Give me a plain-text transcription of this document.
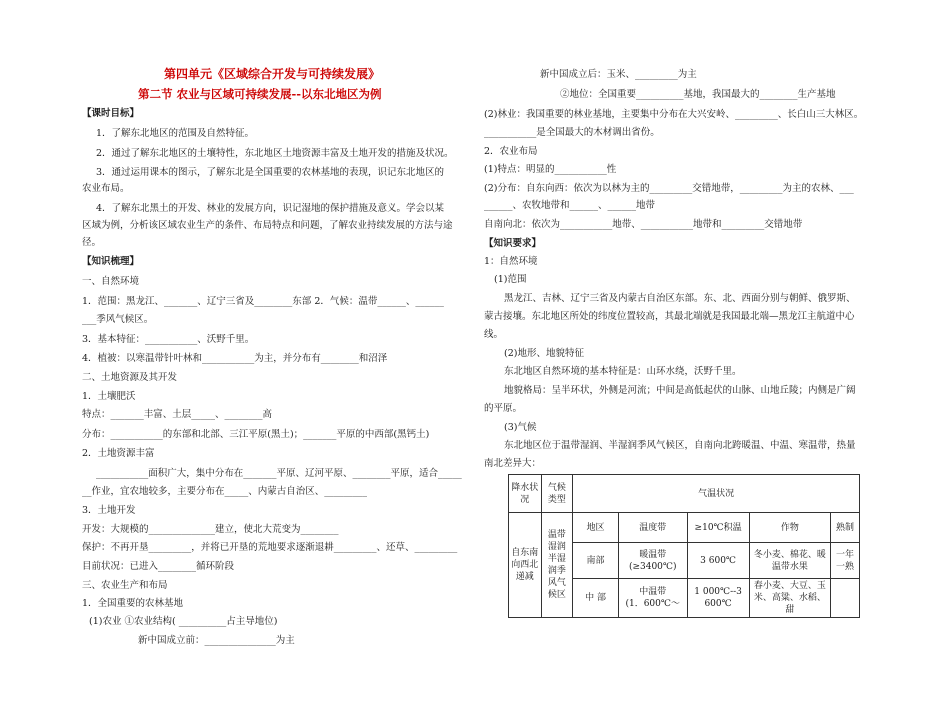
第四单元《区域综合开发与可持续发展》
第二节 农业与区域可持续发展--以东北地区为例
【课时目标】
1．了解东北地区的范围及自然特征。
2．通过了解东北地区的土壤特性，东北地区土地资源丰富及土地开发的措施及状况。
3．通过运用课本的图示，了解东北是全国重要的农林基地的表现，识记东北地区的
农业布局。
4．了解东北黑土的开发、林业的发展方向，识记湿地的保护措施及意义。学会以某
区域为例，分析该区域农业生产的条件、布局特点和问题，了解农业持续发展的方法与途
径。
【知识梳理】
一、自然环境
1．范围：黑龙江、_______、辽宁三省及________东部 2．气候：温带______、______
___季风气候区。
3．基本特征：___________、沃野千里。
4．植被：以寒温带针叶林和___________为主，并分布有________和沼泽
二、土地资源及其开发
1．土壤肥沃
特点：_______丰富、土层_____、________高
分布：___________的东部和北部、三江平原(黑土)；_______平原的中西部(黑钙土)
2．土地资源丰富
___________面积广大，集中分布在_______平原、辽河平原、________平原，适合_____
__作业，宜农地较多，主要分布在_____、内蒙古自治区、_________
3．土地开发
开发：大规模的______________建立，使北大荒变为________
保护：不再开垦_________，并将已开垦的荒地要求逐渐退耕_________、还草、_________
目前状况：已进入________循环阶段
三、农业生产和布局
1．全国重要的农林基地
(1)农业 ①农业结构( __________占主导地位)
新中国成立前：_______________为主
新中国成立后：玉米、_________为主
②地位：全国重要__________基地，我国最大的________生产基地
(2)林业：我国重要的林业基地，主要集中分布在大兴安岭、_________、长白山三大林区。
___________是全国最大的木材调出省份。
2．农业布局
(1)特点：明显的___________性
(2)分布：自东向西：依次为以林为主的_________交错地带，_________为主的农林、___
______、农牧地带和______、______地带
自南向北：依次为___________地带、___________地带和_________交错地带
【知识要求】
1：自然环境
(1)范围
黑龙江、吉林、辽宁三省及内蒙古自治区东部。东、北、西面分别与朝鲜、俄罗斯、
蒙古接壤。东北地区所处的纬度位置较高，其最北端就是我国最北端—黑龙江主航道中心
线。
(2)地形、地貌特征
东北地区自然环境的基本特征是：山环水绕，沃野千里。
地貌格局：呈半环状，外侧是河流；中间是高低起伏的山脉、山地丘陵；内侧是广阔
的平原。
(3)气候
东北地区位于温带湿润、半湿润季风气候区，自南向北跨暖温、中温、寒温带，热量
南北差异大：
降水状况	气候类型	气温状况				
自东南向西北递减	温带湿润半湿润季风气候区	地区	温度带	≥10℃积温	作物	熟制
		南部	暖温带
(≥3400℃)	3 600℃	冬小麦、棉花、暖温带水果	一年一熟
		中 部	中温带
(1．600℃～	1 000℃--3 600℃	春小麦、大豆、玉米、高粱、水稻、甜	
